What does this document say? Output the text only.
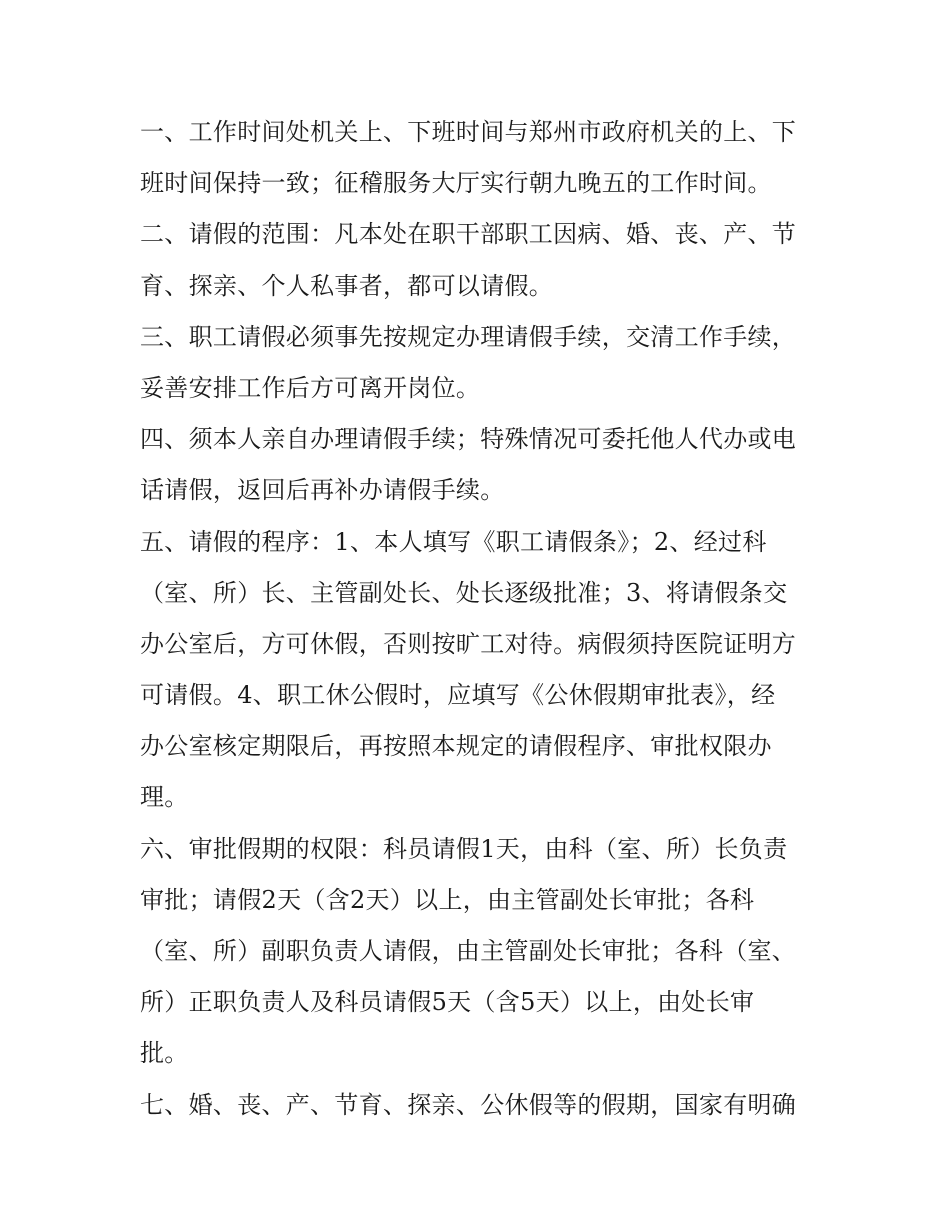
一、工作时间处机关上、下班时间与郑州市政府机关的上、下
班时间保持一致；征稽服务大厅实行朝九晚五的工作时间。

二、请假的范围：凡本处在职干部职工因病、婚、丧、产、节
育、探亲、个人私事者，都可以请假。

三、职工请假必须事先按规定办理请假手续，交清工作手续，
妥善安排工作后方可离开岗位。

四、须本人亲自办理请假手续；特殊情况可委托他人代办或电
话请假，返回后再补办请假手续。

五、请假的程序：1、本人填写《职工请假条》；2、经过科
（室、所）长、主管副处长、处长逐级批准；3、将请假条交
办公室后，方可休假，否则按旷工对待。病假须持医院证明方
可请假。4、职工休公假时，应填写《公休假期审批表》，经
办公室核定期限后，再按照本规定的请假程序、审批权限办
理。

六、审批假期的权限：科员请假1天，由科（室、所）长负责
审批；请假2天（含2天）以上，由主管副处长审批；各科
（室、所）副职负责人请假，由主管副处长审批；各科（室、
所）正职负责人及科员请假5天（含5天）以上，由处长审
批。

七、婚、丧、产、节育、探亲、公休假等的假期，国家有明确
